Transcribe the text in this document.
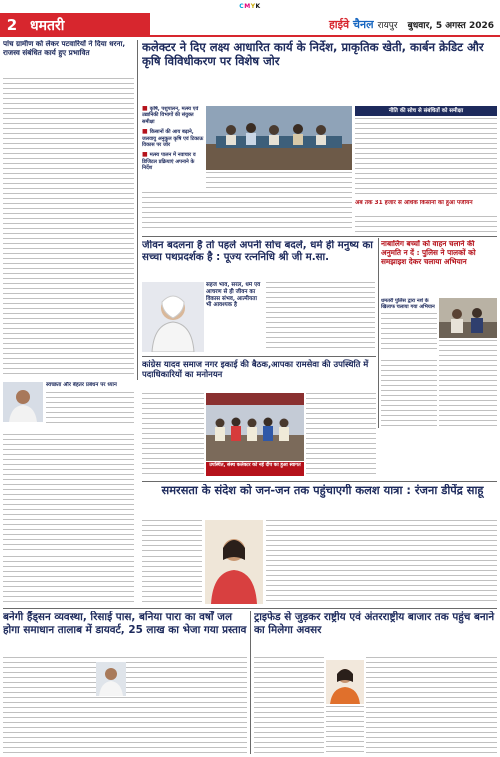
CMYK
2 धमतरी	हाईवे चैनल रायपुर बुधवार, 5 अगस्त 2026
पांच ग्रामीण को लेकर पटवारियों ने दिया धरना, राजस्व संबंधित कार्य हुए प्रभावित	कलेक्टर ने दिए लक्ष्य आधारित कार्य के निर्देश, प्राकृतिक खेती, कार्बन क्रेडिट और कृषि विविधीकरण पर विशेष जोर
■ कृषि, पशुपालन, मत्स्य एवं उद्यानिकी विभागों की संयुक्त समीक्षा
■ किसानों की आय बढ़ाने, जलवायु अनुकूल कृषि एवं टिकाऊ विकास पर जोर
■ मत्स्य पालन में नवाचार व डिजिटल प्रक्रियाएं अपनाने के निर्देश
नीति की सोच से संबंधितों को समीक्षा
अब तक 31 हजार से अधिक किसानों का हुआ पंजीयन
जीवन बदलना है तो पहले अपनी सोच बदलें, धर्म ही मनुष्य का सच्चा पथप्रदर्शक है : पूज्य रत्ननिधि श्री जी म.सा.
सहज भाव, सरल, धर्म एवं आचरण से ही जीवन का विकास संभव, आत्मीयता भी आवश्यक है
नाबालिग बच्चों को वाहन चलाने की अनुमति न दें : पुलिस ने पालकों को समझाइश देकर चलाया अभियान
धमतरी पुलिस द्वारा नशे के खिलाफ चलाया गया अभियान
स्वच्छता और बेहतर प्रबंधन पर ध्यान
कांग्रेस यादव समाज नगर इकाई की बैठक,आपका रामसेवा की उपस्थिति में पदाधिकारियों का मनोनयन
उपस्थित, संस्थ कलेक्टर को नई दीप का हुआ स्वागत
समरसता के संदेश को जन-जन तक पहुंचाएगी कलश यात्रा : रंजना डीपेंद्र साहू
बनेगी हैंड्सन व्यवस्था, रिसाई पास, बनिया पारा का वर्षों जल होगा समाधान तालाब में डायवर्ट, 25 लाख का भेजा गया प्रस्ताव
ट्राइफेड से जुड़कर राष्ट्रीय एवं अंतरराष्ट्रीय बाजार तक पहुंच बनाने का मिलेगा अवसर
